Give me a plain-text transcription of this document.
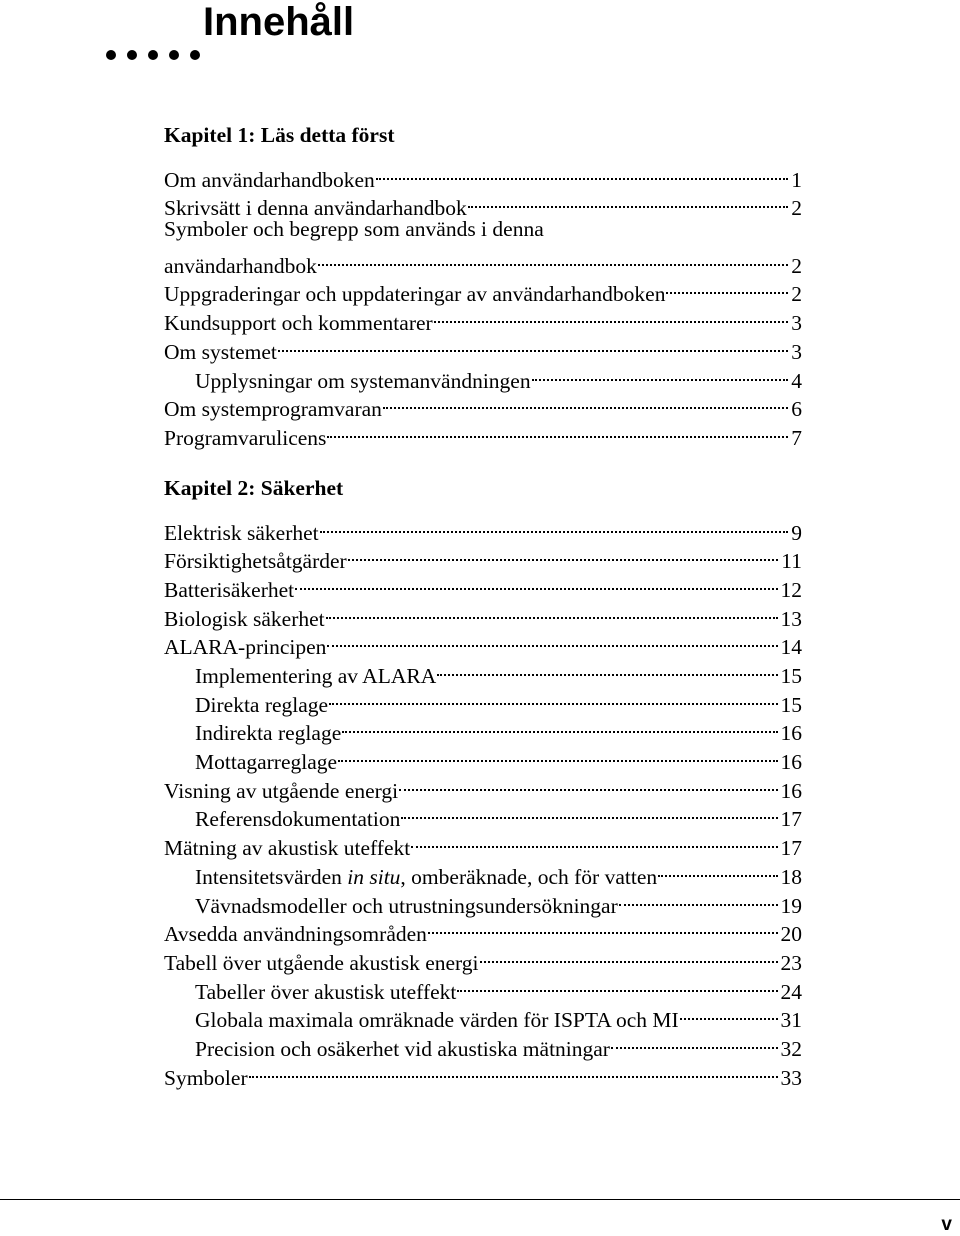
Innehåll
Kapitel 1: Läs detta först
Om användarhandboken	1
Skrivsätt i denna användarhandbok	2
Symboler och begrepp som används i denna
användarhandbok	2
Uppgraderingar och uppdateringar av användarhandboken	2
Kundsupport och kommentarer	3
Om systemet	3
Upplysningar om systemanvändningen	4
Om systemprogramvaran	6
Programvarulicens	7
Kapitel 2: Säkerhet
Elektrisk säkerhet	9
Försiktighetsåtgärder	11
Batterisäkerhet	12
Biologisk säkerhet	13
ALARA-principen	14
Implementering av ALARA	15
Direkta reglage	15
Indirekta reglage	16
Mottagarreglage	16
Visning av utgående energi	16
Referensdokumentation	17
Mätning av akustisk uteffekt	17
Intensitetsvärden in situ, omberäknade, och för vatten	18
Vävnadsmodeller och utrustningsundersökningar	19
Avsedda användningsområden	20
Tabell över utgående akustisk energi	23
Tabeller över akustisk uteffekt	24
Globala maximala omräknade värden för ISPTA och MI	31
Precision och osäkerhet vid akustiska mätningar	32
Symboler	33
v
